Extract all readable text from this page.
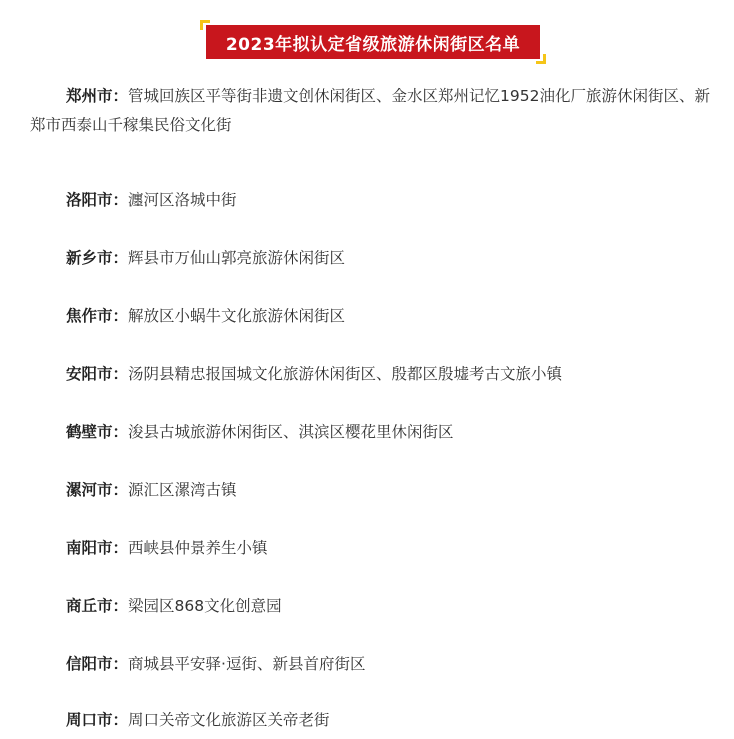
2023年拟认定省级旅游休闲街区名单

郑州市：管城回族区平等街非遗文创休闲街区、金水区郑州记忆1952油化厂旅游休闲街区、新郑市西泰山千稼集民俗文化街

洛阳市：瀍河区洛城中街

新乡市：辉县市万仙山郭亮旅游休闲街区

焦作市：解放区小蜗牛文化旅游休闲街区

安阳市：汤阴县精忠报国城文化旅游休闲街区、殷都区殷墟考古文旅小镇

鹤壁市：浚县古城旅游休闲街区、淇滨区樱花里休闲街区

漯河市：源汇区漯湾古镇

南阳市：西峡县仲景养生小镇

商丘市：梁园区868文化创意园

信阳市：商城县平安驿·逗街、新县首府街区

周口市：周口关帝文化旅游区关帝老街
